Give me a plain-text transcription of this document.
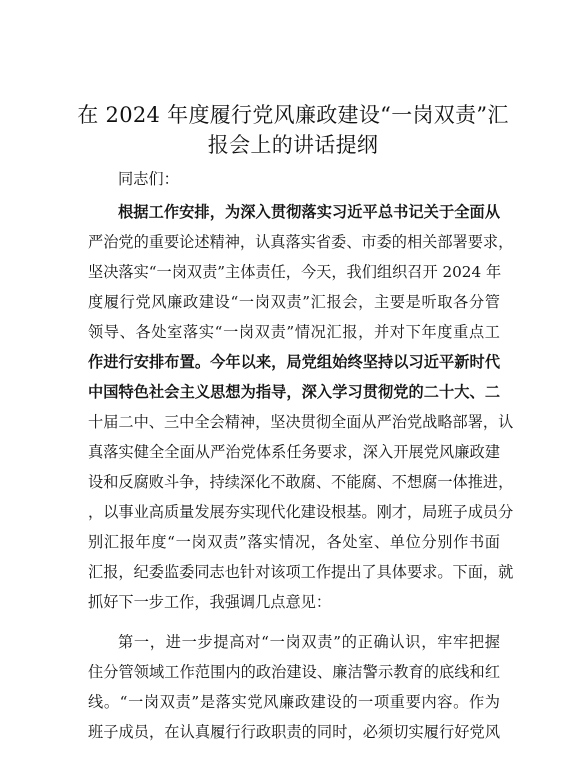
在 2024 年度履行党风廉政建设“一岗双责”汇
报会上的讲话提纲
同志们：
根据工作安排，为深入贯彻落实习近平总书记关于全面从
严治党的重要论述精神，认真落实省委、市委的相关部署要求，
坚决落实“一岗双责”主体责任，今天，我们组织召开 2024 年
度履行党风廉政建设“一岗双责”汇报会，主要是听取各分管
领导、各处室落实“一岗双责”情况汇报，并对下年度重点工
作进行安排布置。今年以来，局党组始终坚持以习近平新时代
中国特色社会主义思想为指导，深入学习贯彻党的二十大、二
十届二中、三中全会精神，坚决贯彻全面从严治党战略部署，认
真落实健全全面从严治党体系任务要求，深入开展党风廉政建
设和反腐败斗争，持续深化不敢腐、不能腐、不想腐一体推进，
，以事业高质量发展夯实现代化建设根基。刚才，局班子成员分
别汇报年度“一岗双责”落实情况，各处室、单位分别作书面
汇报，纪委监委同志也针对该项工作提出了具体要求。下面，就
抓好下一步工作，我强调几点意见：
第一，进一步提高对“一岗双责”的正确认识，牢牢把握
住分管领域工作范围内的政治建设、廉洁警示教育的底线和红
线。“一岗双责”是落实党风廉政建设的一项重要内容。作为
班子成员，在认真履行行政职责的同时，必须切实履行好党风
